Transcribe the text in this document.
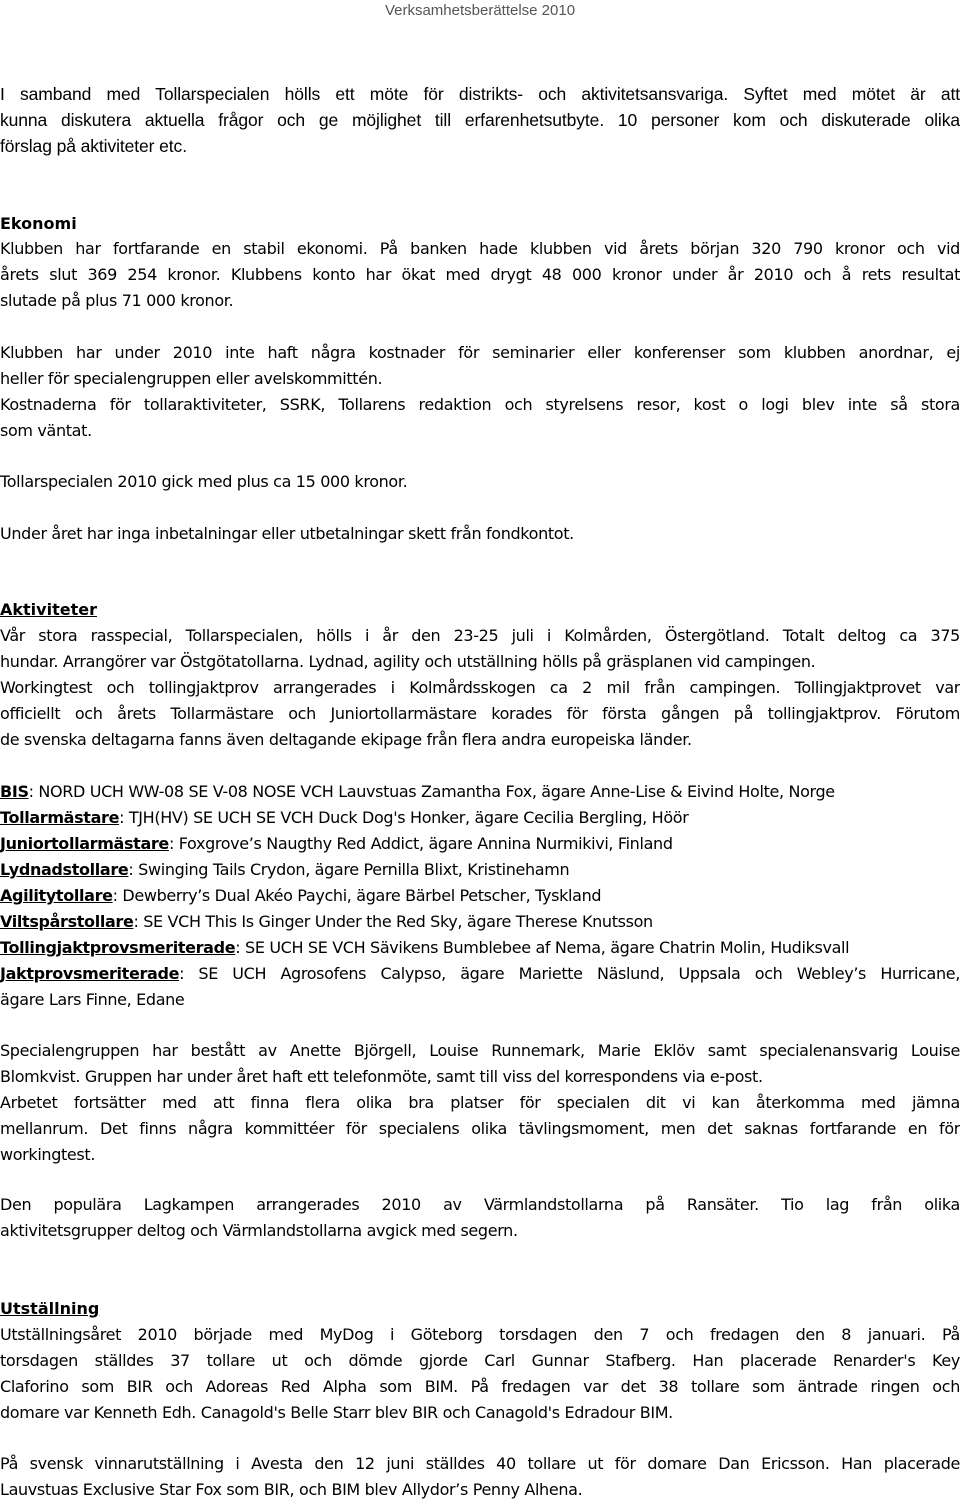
Verksamhetsberättelse 2010

I samband med Tollarspecialen hölls ett möte för distrikts- och aktivitetsansvariga. Syftet med mötet är att
kunna diskutera aktuella frågor och ge möjlighet till erfarenhetsutbyte. 10 personer kom och diskuterade olika
förslag på aktiviteter etc.

Ekonomi

Klubben har fortfarande en stabil ekonomi. På banken hade klubben vid årets början 320 790 kronor och vid
årets slut 369 254 kronor. Klubbens konto har ökat med drygt 48 000 kronor under år 2010 och å rets resultat
slutade på plus 71 000 kronor.

Klubben har under 2010 inte haft några kostnader för seminarier eller konferenser som klubben anordnar, ej
heller för specialengruppen eller avelskommittén.
Kostnaderna för tollaraktiviteter, SSRK, Tollarens redaktion och styrelsens resor, kost o logi blev inte så stora
som väntat.

Tollarspecialen 2010 gick med plus ca 15 000 kronor.

Under året har inga inbetalningar eller utbetalningar skett från fondkontot.

Aktiviteter

Vår stora rasspecial, Tollarspecialen, hölls i år den 23-25 juli i Kolmården, Östergötland. Totalt deltog ca 375
hundar. Arrangörer var Östgötatollarna. Lydnad, agility och utställning hölls på gräsplanen vid campingen.
Workingtest och tollingjaktprov arrangerades i Kolmårdsskogen ca 2 mil från campingen. Tollingjaktprovet var
officiellt och årets Tollarmästare och Juniortollarmästare korades för första gången på tollingjaktprov. Förutom
de svenska deltagarna fanns även deltagande ekipage från flera andra europeiska länder.

BIS: NORD UCH WW-08 SE V-08 NOSE VCH Lauvstuas Zamantha Fox, ägare Anne-Lise & Eivind Holte, Norge
Tollarmästare: TJH(HV) SE UCH SE VCH Duck Dog's Honker, ägare Cecilia Bergling, Höör
Juniortollarmästare: Foxgrove’s Naugthy Red Addict, ägare Annina Nurmikivi, Finland
Lydnadstollare: Swinging Tails Crydon, ägare Pernilla Blixt, Kristinehamn
Agilitytollare: Dewberry’s Dual Akéo Paychi, ägare Bärbel Petscher, Tyskland
Viltspårstollare: SE VCH This Is Ginger Under the Red Sky, ägare Therese Knutsson
Tollingjaktprovsmeriterade: SE UCH SE VCH Sävikens Bumblebee af Nema, ägare Chatrin Molin, Hudiksvall
Jaktprovsmeriterade: SE UCH Agrosofens Calypso, ägare Mariette Näslund, Uppsala och Webley’s Hurricane,
ägare Lars Finne, Edane

Specialengruppen har bestått av Anette Björgell, Louise Runnemark, Marie Eklöv samt specialenansvarig Louise
Blomkvist. Gruppen har under året haft ett telefonmöte, samt till viss del korrespondens via e-post.
Arbetet fortsätter med att finna flera olika bra platser för specialen dit vi kan återkomma med jämna
mellanrum. Det finns några kommittéer för specialens olika tävlingsmoment, men det saknas fortfarande en för
workingtest.

Den populära Lagkampen arrangerades 2010 av Värmlandstollarna på Ransäter. Tio lag från olika
aktivitetsgrupper deltog och Värmlandstollarna avgick med segern.

Utställning

Utställningsåret 2010 började med MyDog i Göteborg torsdagen den 7 och fredagen den 8 januari. På
torsdagen ställdes 37 tollare ut och dömde gjorde Carl Gunnar Stafberg. Han placerade Renarder's Key
Claforino som BIR och Adoreas Red Alpha som BIM. På fredagen var det 38 tollare som äntrade ringen och
domare var Kenneth Edh. Canagold's Belle Starr blev BIR och Canagold's Edradour BIM.

På svensk vinnarutställning i Avesta den 12 juni ställdes 40 tollare ut för domare Dan Ericsson. Han placerade
Lauvstuas Exclusive Star Fox som BIR, och BIM blev Allydor’s Penny Alhena.
